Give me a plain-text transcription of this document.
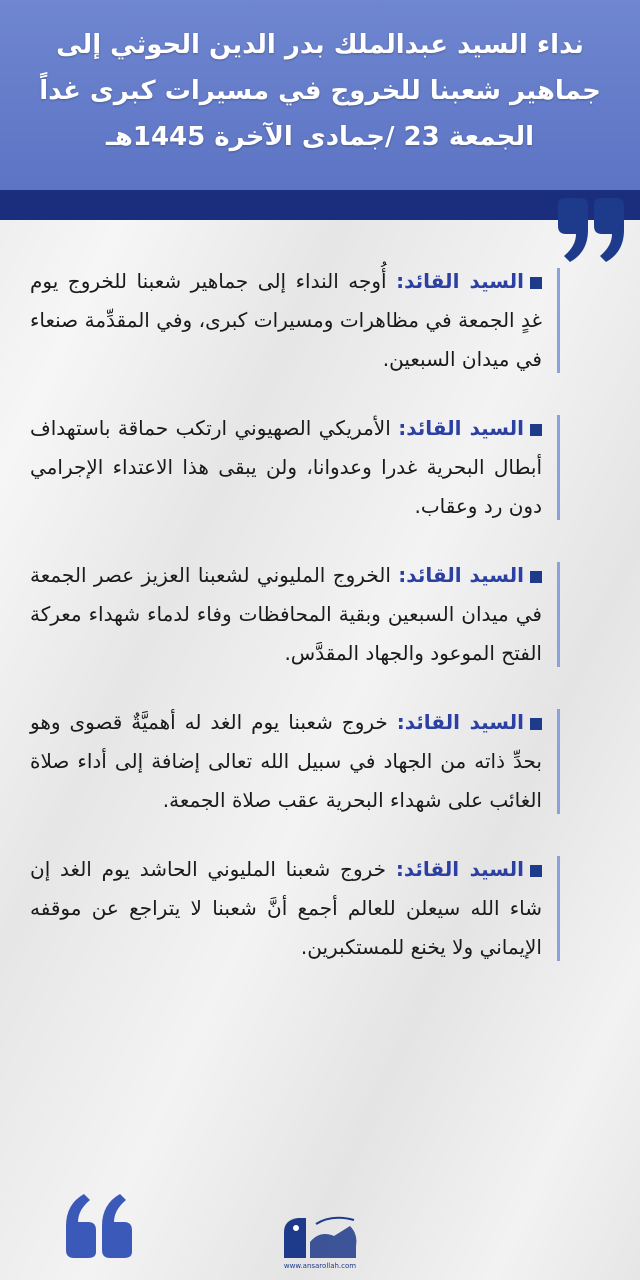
نداء السيد عبدالملك بدر الدين الحوثي إلى
جماهير شعبنا للخروج في مسيرات كبرى غداً
الجمعة 23 /جمادى الآخرة 1445هـ
السيد القائد: أُوجه النداء إلى جماهير شعبنا للخروج يوم غدٍ الجمعة في مظاهرات ومسيرات كبرى، وفي المقدِّمة صنعاء في ميدان السبعين.
السيد القائد: الأمريكي الصهيوني ارتكب حماقة باستهداف أبطال البحرية غدرا وعدوانا، ولن يبقى هذا الاعتداء الإجرامي دون رد وعقاب.
السيد القائد: الخروج المليوني لشعبنا العزيز عصر الجمعة في ميدان السبعين وبقية المحافظات وفاء لدماء شهداء معركة الفتح الموعود والجهاد المقدَّس.
السيد القائد: خروج شعبنا يوم الغد له أهميَّةٌ قصوى وهو بحدِّ ذاته من الجهاد في سبيل الله تعالى إضافة إلى أداء صلاة الغائب على شهداء البحرية عقب صلاة الجمعة.
السيد القائد: خروج شعبنا المليوني الحاشد يوم الغد إن شاء الله سيعلن للعالم أجمع أنَّ شعبنا لا يتراجع عن موقفه الإيماني ولا يخنع للمستكبرين.
www.ansarollah.com
